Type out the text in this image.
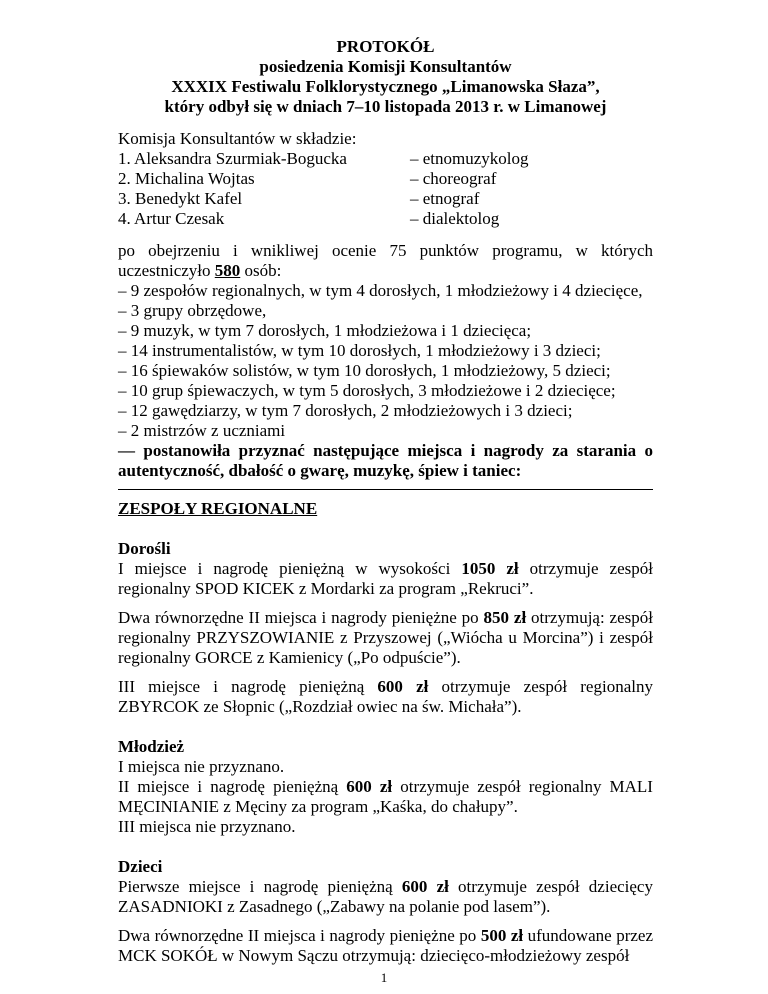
PROTOKÓŁ
posiedzenia Komisji Konsultantów
XXXIX Festiwalu Folklorystycznego „Limanowska Słaza”,
który odbył się w dniach 7–10 listopada 2013 r. w Limanowej
Komisja Konsultantów w składzie:
1. Aleksandra Szurmiak-Bogucka	– etnomuzykolog
2. Michalina Wojtas	– choreograf
3. Benedykt Kafel	– etnograf
4. Artur Czesak	– dialektolog
po obejrzeniu i wnikliwej ocenie 75 punktów programu, w których uczestniczyło 580 osób:
– 9 zespołów regionalnych, w tym 4 dorosłych, 1 młodzieżowy i 4 dziecięce,
– 3 grupy obrzędowe,
– 9 muzyk, w tym 7 dorosłych, 1 młodzieżowa i 1 dziecięca;
– 14 instrumentalistów, w tym 10 dorosłych, 1 młodzieżowy i 3 dzieci;
– 16 śpiewaków solistów, w tym 10 dorosłych, 1 młodzieżowy, 5 dzieci;
– 10 grup śpiewaczych, w tym 5 dorosłych, 3 młodzieżowe i 2 dziecięce;
– 12 gawędziarzy, w tym 7 dorosłych, 2 młodzieżowych i 3 dzieci;
– 2 mistrzów z uczniami
— postanowiła przyznać następujące miejsca i nagrody za starania o autentyczność, dbałość o gwarę, muzykę, śpiew i taniec:
ZESPOŁY REGIONALNE
Dorośli
I miejsce i nagrodę pieniężną w wysokości 1050 zł otrzymuje zespół regionalny SPOD KICEK z Mordarki za program „Rekruci”.
Dwa równorzędne II miejsca i nagrody pieniężne po 850 zł otrzymują: zespół regionalny PRZYSZOWIANIE z Przyszowej („Wiócha u Morcina”) i zespół regionalny GORCE z Kamienicy („Po odpuście”).
III miejsce i nagrodę pieniężną 600 zł otrzymuje zespół regionalny ZBYRCOK ze Słopnic („Rozdział owiec na św. Michała”).
Młodzież
I miejsca nie przyznano.
II miejsce i nagrodę pieniężną 600 zł otrzymuje zespół regionalny MALI MĘCINIANIE z Męciny za program „Kaśka, do chałupy”.
III miejsca nie przyznano.
Dzieci
Pierwsze miejsce i nagrodę pieniężną 600 zł otrzymuje zespół dziecięcy ZASADNIOKI z Zasadnego („Zabawy na polanie pod lasem”).
Dwa równorzędne II miejsca i nagrody pieniężne po 500 zł ufundowane przez MCK SOKÓŁ w Nowym Sączu otrzymują: dziecięco-młodzieżowy zespół
1
